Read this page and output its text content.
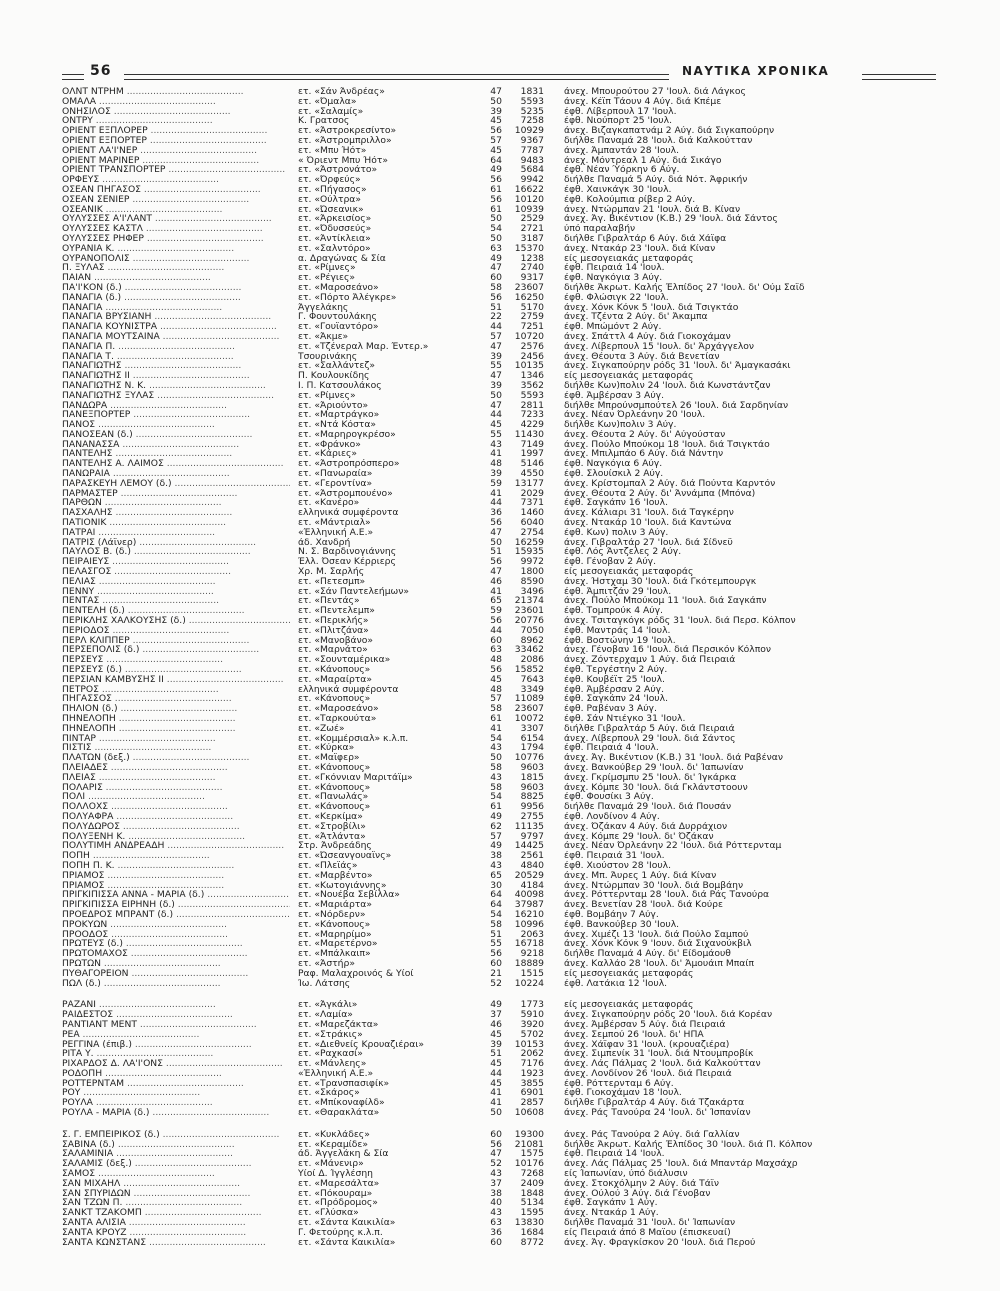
56	ΝΑΥΤΙΚΑ ΧΡΟΝΙΚΑ
ΟΛΝΤ ΝΤΡΗΜ .....	ετ. «Σάν Άνδρέας»	47	1831 άνεχ. Μπουρούτου 27 'Ιουλ. διά Λάγκος
ΟΜΑΛΑ .....	ετ. «Όμαλα»	50	5593 άνεχ. Κέϊπ Τάουν 4 Αύγ. διά Κπέμε
ΟΝΗΣΙΛΟΣ .....	ετ. «Σαλαμίς»	39	5235 έφθ. Λίβερπουλ 17 'Ιουλ.
ΟΝΤΡΥ .....	Κ. Γρατσος	45	7258 έφθ. Νιούπορτ 25 'Ιουλ.
ΟΡΙΕΝΤ ΕΞΠΛΟΡΕΡ .....	ετ. «Άστροκρεσίντο»	56	10929 άνεχ. Βιζαγκαπατνάμ 2 Αύγ. διά Σιγκαπούρην
ΟΡΙΕΝΤ ΕΞΠΟΡΤΕΡ .....	ετ. «Άστρομπριλλο»	57	9367 διήλθε Παναμά 28 'Ιουλ. διά Καλκούτταν
ΟΡΙΕΝΤ ΛΑ'Ι'ΝΕΡ .....	ετ. «Μπυ Ήότ»	45	7787 άνεχ. Άμπαντάν 28 'Ιουλ.
ΟΡΙΕΝΤ ΜΑΡΙΝΕΡ .....	« Όριεντ Μπυ Ήότ»	64	9483 άνεχ. Μόντρεαλ 1 Αύγ. διά Σικάγο
ΟΡΙΕΝΤ ΤΡΑΝΣΠΟΡΤΕΡ .....	ετ. «Άστρονάτο»	49	5684 έφθ. Νέαν Ύόρκην 6 Αύγ.
ΟΡΦΕΥΣ .....	ετ. «Όρφεύς»	56	9942 διήλθε Παναμά 5 Αύγ. διά Νότ. Άφρικήν
ΟΣΕΑΝ ΠΗΓΑΣΟΣ .....	ετ. «Πήγασος»	61	16622 έφθ. Χαινκάγκ 30 'Ιουλ.
ΟΣΕΑΝ ΣΕΝΙΕΡ .....	ετ. «Ούλτρα»	56	10120 έφθ. Κολούμπια ρίβερ 2 Αύγ.
ΟΣΕΑΝΙΚ .....	ετ. «Ώσεανικ»	61	10939 άνεχ. Ντώρμπαν 21 'Ιουλ. διά Β. Κίναν
ΟΥΛΥΣΣΕΣ Α'Ι'ΛΑΝΤ .....	ετ. «Άρκεισίος»	50	2529 άνεχ. Άγ. Βικέντιον (Κ.Β.) 29 'Ιουλ. διά Σάντος
ΟΥΛΥΣΣΕΣ ΚΑΣΤΛ .....	ετ. «Όδυσσεύς»	54	2721 ύπό παραλαβήν
ΟΥΛΥΣΣΕΣ ΡΗΦΕΡ .....	ετ. «Άντίκλεια»	50	3187 διήλθε Γιβραλτάρ 6 Αύγ. διά Χάϊφα
ΟΥΡΑΝΙΑ Κ. .....	ετ. «Σαλντόρο»	63	15370 άνεχ. Ντακάρ 23 'Ιουλ. διά Κίναν
ΟΥΡΑΝΟΠΟΛΙΣ .....	α. Δραγώνας & Σία	49	1238 είς μεσογειακάς μεταφοράς
Π. ΞΥΛΑΣ .....	ετ. «Ρίμνες»	47	2740 έφθ. Πειραιά 14 'Ιουλ.
ΠΑΪΑΝ .....	ετ. «Ρέγιες»	60	9317 έφθ. Ναγκόγια 3 Αύγ.
ΠΑ'Ι'ΚΟΝ (δ.) .....	ετ. «Μαροσεάνο»	58	23607 διήλθε Άκρωτ. Καλής Έλπίδος 27 'Ιουλ. δι' Ούμ Σαΐδ
ΠΑΝΑΓΙΑ (δ.) .....	ετ. «Πόρτο Άλέγκρε»	56	16250 έφθ. Φλώσιγκ 22 'Ιουλ.
ΠΑΝΑΓΙΑ .....	Άγγελάκης	51	5170 άνεχ. Χόνκ Κόνκ 5 'Ιουλ. διά Τσιγκτάο
ΠΑΝΑΓΙΑ ΒΡΥΣΙΑΝΗ .....	Γ. Φουντουλάκης	22	2759 άνεχ. Τζέντα 2 Αύγ. δι' Άκαμπα
ΠΑΝΑΓΙΑ ΚΟΥΝΙΣΤΡΑ .....	ετ. «Γουϊαντόρο»	44	7251 έφθ. Μπώμόντ 2 Αύγ.
ΠΑΝΑΓΙΑ ΜΟΥΤΣΑΙΝΑ .....	ετ. «Άκμε»	57	10720 άνεχ. Σπάττλ 4 Αύγ. διά Γιοκοχάμαν
ΠΑΝΑΓΙΑ Π. .....	ετ. «Τζένεραλ Μαρ. Έντερ.»	47	2576 άνεχ. Λίβερπουλ 15 'Ιουλ. δι' Άρχάγγελον
ΠΑΝΑΓΙΑ Τ. .....	Τσουρινάκης	39	2456 άνεχ. Θέουτα 3 Αύγ. διά Βενετίαν
ΠΑΝΑΓΙΩΤΗΣ .....	ετ. «Σαλλάντεζ»	55	10135 άνεχ. Σιγκαπούρην ρόδς 31 'Ιουλ. δι' Άμαγκασάκι
ΠΑΝΑΓΙΩΤΗΣ ΙΙ .....	Π. Κουλουκίδης	47	1346 είς μεσογειακάς μεταφοράς
ΠΑΝΑΓΙΩΤΗΣ Ν. Κ. .....	Ι. Π. Κατσουλάκος	39	3562 διήλθε Κων)πολιν 24 'Ιουλ. διά Κωνστάντζαν
ΠΑΝΑΓΙΩΤΗΣ ΞΥΛΑΣ .....	ετ. «Ρίμνες»	50	5593 έφθ. Άμβέρσαν 3 Αύγ.
ΠΑΝΔΩΡΑ .....	ετ. «Άριούντο»	47	2811 διήλθε Μπρούνσμπούτελ 26 'Ιουλ. διά Σαρδηνίαν
ΠΑΝΕΞΠΟΡΤΕΡ .....	ετ. «Μαρτράγκο»	44	7233 άνεχ. Νέαν Όρλεάνην 20 'Ιουλ.
ΠΑΝΟΣ .....	ετ. «Ντά Κόστα»	45	4229 διήλθε Κων)πολιν 3 Αύγ.
ΠΑΝΟΣΕΑΝ (δ.) .....	ετ. «Μαρηρογκρέσο»	55	11430 άνεχ. Θέουτα 2 Αύγ. δι' Αύγούσταν
ΠΑΝΑΝΑΣΣΑ .....	ετ. «Φράνκο»	43	7149 άνεχ. Πούλο Μπούκομ 18 'Ιουλ. διά Τσιγκτάο
ΠΑΝΤΕΛΗΣ .....	ετ. «Κάριες»	41	1997 άνεχ. Μπιλμπάο 6 Αύγ. διά Νάντην
ΠΑΝΤΕΛΗΣ Α. ΛΑΙΜΟΣ .....	ετ. «Άστροπρόσπερο»	48	5146 έφθ. Ναγκόγια 6 Αύγ.
ΠΑΝΩΡΑΙΑ .....	ετ. «Πανωραία»	39	4550 έφθ. Σλουίσκιλ 2 Αύγ.
ΠΑΡΑΣΚΕΥΗ ΛΕΜΟΥ (δ.) .....	ετ. «Γεροντίνα»	59	13177 άνεχ. Κρίστομπαλ 2 Αύγ. διά Πούντα Καρντόν
ΠΑΡΜΑΣΤΕΡ .....	ετ. «Άστρομπουένο»	41	2029 άνεχ. Θέουτα 2 Αύγ. δι' Άννάμπα (Μπόνα)
ΠΑΡΘΩΝ .....	ετ. «Κανέρο»	44	7371 έφθ. Σαγκάπν 16 'Ιουλ.
ΠΑΣΧΑΛΗΣ .....	ελληνικά συμφέροντα	36	1460 άνεχ. Κάλιαρι 31 'Ιουλ. διά Ταγκέρην
ΠΑΤΙΟΝΙΚ .....	ετ. «Μάντριαλ»	56	6040 άνεχ. Ντακάρ 10 'Ιουλ. διά Καντώνα
ΠΑΤΡΑΙ .....	«Έλληνική Α.Ε.»	47	2754 έφθ. Κων) πολιν 3 Αύγ.
ΠΑΤΡΙΣ (Λάϊνερ) .....	άδ. Χανδρή	50	16259 άνεχ. Γιβραλτάρ 27 'Ιουλ. διά Σίδνεϋ
ΠΑΥΛΟΣ Β. (δ.) .....	Ν. Σ. Βαρδινογιάννης	51	15935 έφθ. Λός Άντζελες 2 Αύγ.
ΠΕΙΡΑΙΕΥΣ .....	Έλλ. Όσεαν Κέρριερς	56	9972 έφθ. Γένοβαν 2 Αύγ.
ΠΕΛΑΣΓΟΣ .....	Χρ. Μ. Σαρλής	47	1800 είς μεσογειακάς μεταφοράς
ΠΕΛΙΑΣ .....	ετ. «Πετεσμπ»	46	8590 άνεχ. Ήστχαμ 30 'Ιουλ. διά Γκότεμπουργκ
ΠΕΝΝΥ .....	ετ. «Σάν Παντελεήμων»	41	3496 έφθ. Άμπιτζάν 29 'Ιουλ.
ΠΕΝΤΑΣ .....	ετ. «Πεντάς»	65	21374 άνεχ. Πούλο Μπούκομ 11 'Ιουλ. διά Σαγκάπν
ΠΕΝΤΕΛΗ (δ.) .....	ετ. «Πεντελεμπ»	59	23601 έφθ. Τομπρούκ 4 Αύγ.
ΠΕΡΙΚΛΗΣ ΧΑΛΚΟΥΣΗΣ (δ.) .....	ετ. «Περικλής»	56	20776 άνεχ. Τσιταγκόγκ ρόδς 31 'Ιουλ. διά Περσ. Κόλπον
ΠΕΡΙΟΔΟΣ .....	ετ. «Πλιτζάνα»	44	7050 έφθ. Μαντράς 14 'Ιουλ.
ΠΕΡΛ ΚΛΙΠΠΕΡ .....	ετ. «Μανοβάνο»	60	8962 έφθ. Βοστώνην 19 'Ιουλ.
ΠΕΡΣΕΠΟΛΙΣ (δ.) .....	ετ. «Μαρνάτο»	63	33462 άνεχ. Γένοβαν 16 'Ιουλ. διά Περσικόν Κόλπον
ΠΕΡΣΕΥΣ .....	ετ. «Σουνταμέρικα»	48	2086 άνεχ. Ζόντερχαμν 1 Αύγ. διά Πειραιά
ΠΕΡΣΕΥΣ (δ.) .....	ετ. «Κάνοπους»	56	15852 έφθ. Τεργέστην 2 Αύγ.
ΠΕΡΣΙΑΝ ΚΑΜΒΥΣΗΣ ΙΙ .....	ετ. «Μαραίρτα»	45	7643 έφθ. Κουβέϊτ 25 'Ιουλ.
ΠΕΤΡΟΣ .....	ελληνικά συμφέροντα	48	3349 έφθ. Άμβέρσαν 2 Αύγ.
ΠΗΓΑΣΣΟΣ .....	ετ. «Κάνοπους»	57	11089 έφθ. Σαγκάπν 24 'Ιουλ.
ΠΗΛΙΟΝ (δ.) .....	ετ. «Μαροσεάνο»	58	23607 έφθ. Ραβέναν 3 Αύγ.
ΠΗΝΕΛΟΠΗ .....	ετ. «Ταρκουύτα»	61	10072 έφθ. Σάν Ντιέγκο 31 'Ιουλ.
ΠΗΝΕΛΟΠΗ .....	ετ. «Ζωέ»	41	3307 διήλθε Γιβραλτάρ 5 Αύγ. διά Πειραιά
ΠΙΝΤΑΡ .....	ετ. «Κομμέρσιαλ» κ.λ.π.	54	6154 άνεχ. Λίβερπουλ 29 'Ιουλ. διά Σάντος
ΠΙΣΤΙΣ .....	ετ. «Κύρκα»	43	1794 έφθ. Πειραιά 4 'Ιουλ.
ΠΛΑΤΩΝ (δεξ.) .....	ετ. «Μαΐφερ»	50	10776 άνεχ. Άγ. Βικέντιον (Κ.Β.) 31 'Ιουλ. διά Ραβέναν
ΠΛΕΙΑΔΕΣ .....	ετ. «Κάνοπους»	58	9603 άνεχ. Βανκούβερ 29 'Ιουλ. δι' Ίαπωνίαν
ΠΛΕΙΑΣ .....	ετ. «Γκόννιαν Μαριτάϊμ»	43	1815 άνεχ. Γκρίμσμπυ 25 'Ιουλ. δι' Ίγκάρκα
ΠΟΛΑΡΙΣ .....	ετ. «Κάνοπους»	58	9603 άνεχ. Κόμπε 30 'Ιουλ. διά Γκλάντστοουν
ΠΟΛΙ .....	ετ. «Πανωλάς»	54	8825 έφθ. Φουσίκι 3 Αύγ.
ΠΟΛΛΟΧΣ .....	ετ. «Κάνοπους»	61	9956 διήλθε Παναμά 29 'Ιουλ. διά Πουσάν
ΠΟΛΥΑΦΡΑ .....	ετ. «Κερκίμα»	49	2755 έφθ. Λονδίνον 4 Αύγ.
ΠΟΛΥΔΩΡΟΣ .....	ετ. «Στροβίλι»	62	11135 άνεχ. Όζάκαν 4 Αύγ. διά Δυρράχιον
ΠΟΛΥΞΕΝΗ Κ. .....	ετ. «Άτλάντα»	57	9797 άνεχ. Κόμπε 29 'Ιουλ. δι' Όζάκαν
ΠΟΛΥΤΙΜΗ ΑΝΔΡΕΑΔΗ .....	Στρ. Άνδρεάδης	49	14425 άνεχ. Νέαν Όρλεάνην 22 'Ιουλ. διά Ρόττερνταμ
ΠΟΠΗ .....	ετ. «Ώσεανγουαϊνς»	38	2561 έφθ. Πειραιά 31 'Ιουλ.
ΠΟΠΗ Π. Κ. .....	ετ. «Πλεϊάς»	43	4840 έφθ. Χιούστον 28 'Ιουλ.
ΠΡΙΑΜΟΣ .....	ετ. «Μαρβέντο»	65	20529 άνεχ. Μπ. Άυρες 1 Αύγ. διά Κίναν
ΠΡΙΑΜΟΣ .....	ετ. «Κωτογιάννης»	30	4184 άνεχ. Ντώρμπαν 30 'Ιουλ. διά Βομβάην
ΠΡΙΓΚΙΠΙΣΣΑ ΑΝΝΑ - ΜΑΡΙΑ (δ.) .....	ετ. «Νουέβα Σεβίλλα»	64	40098 άνεχ. Ρόττερνταμ 28 'Ιουλ. διά Ράς Τανούρα
ΠΡΙΓΚΙΠΙΣΣΑ ΕΙΡΗΝΗ (δ.) .....	ετ. «Μαριάρτα»	64	37987 άνεχ. Βενετίαν 28 'Ιουλ. διά Κούρε
ΠΡΟΕΔΡΟΣ ΜΠΡΑΝΤ (δ.) .....	ετ. «Νόρδερν»	54	16210 έφθ. Βομβάην 7 Αύγ.
ΠΡΟΚΥΩΝ .....	ετ. «Κάνοπους»	58	10996 έφθ. Βανκούβερ 30 'Ιουλ.
ΠΡΟΟΔΟΣ .....	ετ. «Μαρηρίμο»	51	2063 άνεχ. Χιμέζι 13 'Ιουλ. διά Πούλο Σαμπού
ΠΡΩΤΕΥΣ (δ.) .....	ετ. «Μαρετέρνο»	55	16718 άνεχ. Χόνκ Κόνκ 9 'Ιουν. διά Σιχανούκβιλ
ΠΡΩΤΟΜΑΧΟΣ .....	ετ. «Μπάλκαιπ»	56	9218 διήλθε Παναμά 4 Αύγ. δι' Είδομάουθ
ΠΡΩΤΩΝ .....	ετ. «Άστήρ»	60	18889 άνεχ. Καλλάο 28 'Ιουλ. δι' Άμουάιπ Μπαίπ
ΠΥΘΑΓΟΡΕΙΟΝ .....	Ραφ. Μαλαχροινός & Υίοί	21	1515 είς μεσογειακάς μεταφοράς
ΠΩΛ (δ.) .....	Ίω. Λάτσης	52	10224 έφθ. Λατάκια 12 'Ιουλ.
ΡΑΖΑΝΙ .....	ετ. «Άγκάλι»	49	1773 είς μεσογειακάς μεταφοράς
ΡΑΙΔΕΣΤΟΣ .....	ετ. «Λαμία»	37	5910 άνεχ. Σιγκαπούρην ρόδς 20 'Ιουλ. διά Κορέαν
ΡΑΝΤΙΑΝΤ ΜΕΝΤ .....	ετ. «Μαρεζάκτα»	46	3920 άνεχ. Άμβέρσαν 5 Αύγ. διά Πειραιά
ΡΕΑ .....	ετ. «Στράκις»	45	5702 άνεχ. Σεμπού 26 'Ιουλ. δι' ΗΠΑ
ΡΕΓΓΙΝΑ (έπιβ.) .....	ετ. «Διεθνείς Κρουαζιέραι»	39	10153 άνεχ. Χάϊφαν 31 'Ιουλ. (κρουαζιέρα)
ΡΙΤΑ Υ. .....	ετ. «Ραχκασί»	51	2062 άνεχ. Σιμπενίκ 31 'Ιουλ. διά Ντουμπροβίκ
ΡΙΧΑΡΔΟΣ Δ. ΛΑ'Ι'ΟΝΣ .....	ετ. «Μάνλεης»	45	7176 άνεχ. Λάς Πάλμας 2 'Ιουλ. διά Καλκούτταν
ΡΟΔΟΠΗ .....	«Έλληνική Α.Ε.»	44	1923 άνεχ. Λονδίνον 26 'Ιουλ. διά Πειραιά
ΡΟΤΤΕΡΝΤΑΜ .....	ετ. «Τρανσπασιφίκ»	45	3855 έφθ. Ρόττερνταμ 6 Αύγ.
ΡΟΥ .....	ετ. «Σκάρος»	41	6901 έφθ. Γιοκοχάμαν 18 'Ιουλ.
ΡΟΥΛΑ .....	ετ. «Μπίκοναφίλδ»	41	2857 διήλθε Γιβραλτάρ 4 Αύγ. διά Τζακάρτα
ΡΟΥΛΑ - ΜΑΡΙΑ (δ.) .....	ετ. «Θαρακλάτα»	50	10608 άνεχ. Ράς Τανούρα 24 'Ιουλ. δι' Ίσπανίαν
Σ. Γ. ΕΜΠΕΙΡΙΚΟΣ (δ.) .....	ετ. «Κυκλάδες»	60	19300 άνεχ. Ράς Τανούρα 2 Αύγ. διά Γαλλίαν
ΣΑΒΙΝΑ (δ.) .....	ετ. «Κεραμίδε»	56	21081 διήλθε Άκρωτ. Καλής Έλπίδος 30 'Ιουλ. διά Π. Κόλπον
ΣΑΛΑΜΙΝΙΑ .....	άδ. Άγγελάκη & Σία	47	1575 έφθ. Πειραιά 14 'Ιουλ.
ΣΑΛΑΜΙΣ (δεξ.) .....	ετ. «Μάνενιρ»	52	10176 άνεχ. Λάς Πάλμας 25 'Ιουλ. διά Μπαντάρ Μαχσάχρ
ΣΑΜΟΣ .....	Υίοί Δ. Ίγγλέσηη	43	7268 είς Ίαπωνίαν, ύπό διάλυσιν
ΣΑΝ ΜΙΧΑΗΛ .....	ετ. «Μαρεσάλτα»	37	2409 άνεχ. Στοκχόλμην 2 Αύγ. διά Τάϊν
ΣΑΝ ΣΠΥΡΙΔΩΝ .....	ετ. «Πόκουραμ»	38	1848 άνεχ. Ούλού 3 Αύγ. διά Γένοβαν
ΣΑΝ ΤΖΩΝ Π. .....	ετ. «Πρόδρομος»	40	5134 έφθ. Σαγκάπν 1 Αύγ.
ΣΑΝΚΤ ΤΖΑΚΟΜΠ .....	ετ. «Γλύσκα»	43	1595 άνεχ. Ντακάρ 1 Αύγ.
ΣΑΝΤΑ ΑΛΙΣΙΑ .....	ετ. «Σάντα Καικιλία»	63	13830 διήλθε Παναμά 31 'Ιουλ. δι' Ίαπωνίαν
ΣΑΝΤΑ ΚΡΟΥΖ .....	Γ. Φετούρης κ.λ.π.	36	1684 είς Πειραιά άπό 8 Μαΐου (έπισκευαί)
ΣΑΝΤΑ ΚΩΝΣΤΑΝΣ .....	ετ. «Σάντα Καικιλία»	60	8772 άνεχ. Άγ. Φραγκίσκον 20 'Ιουλ. διά Περού
